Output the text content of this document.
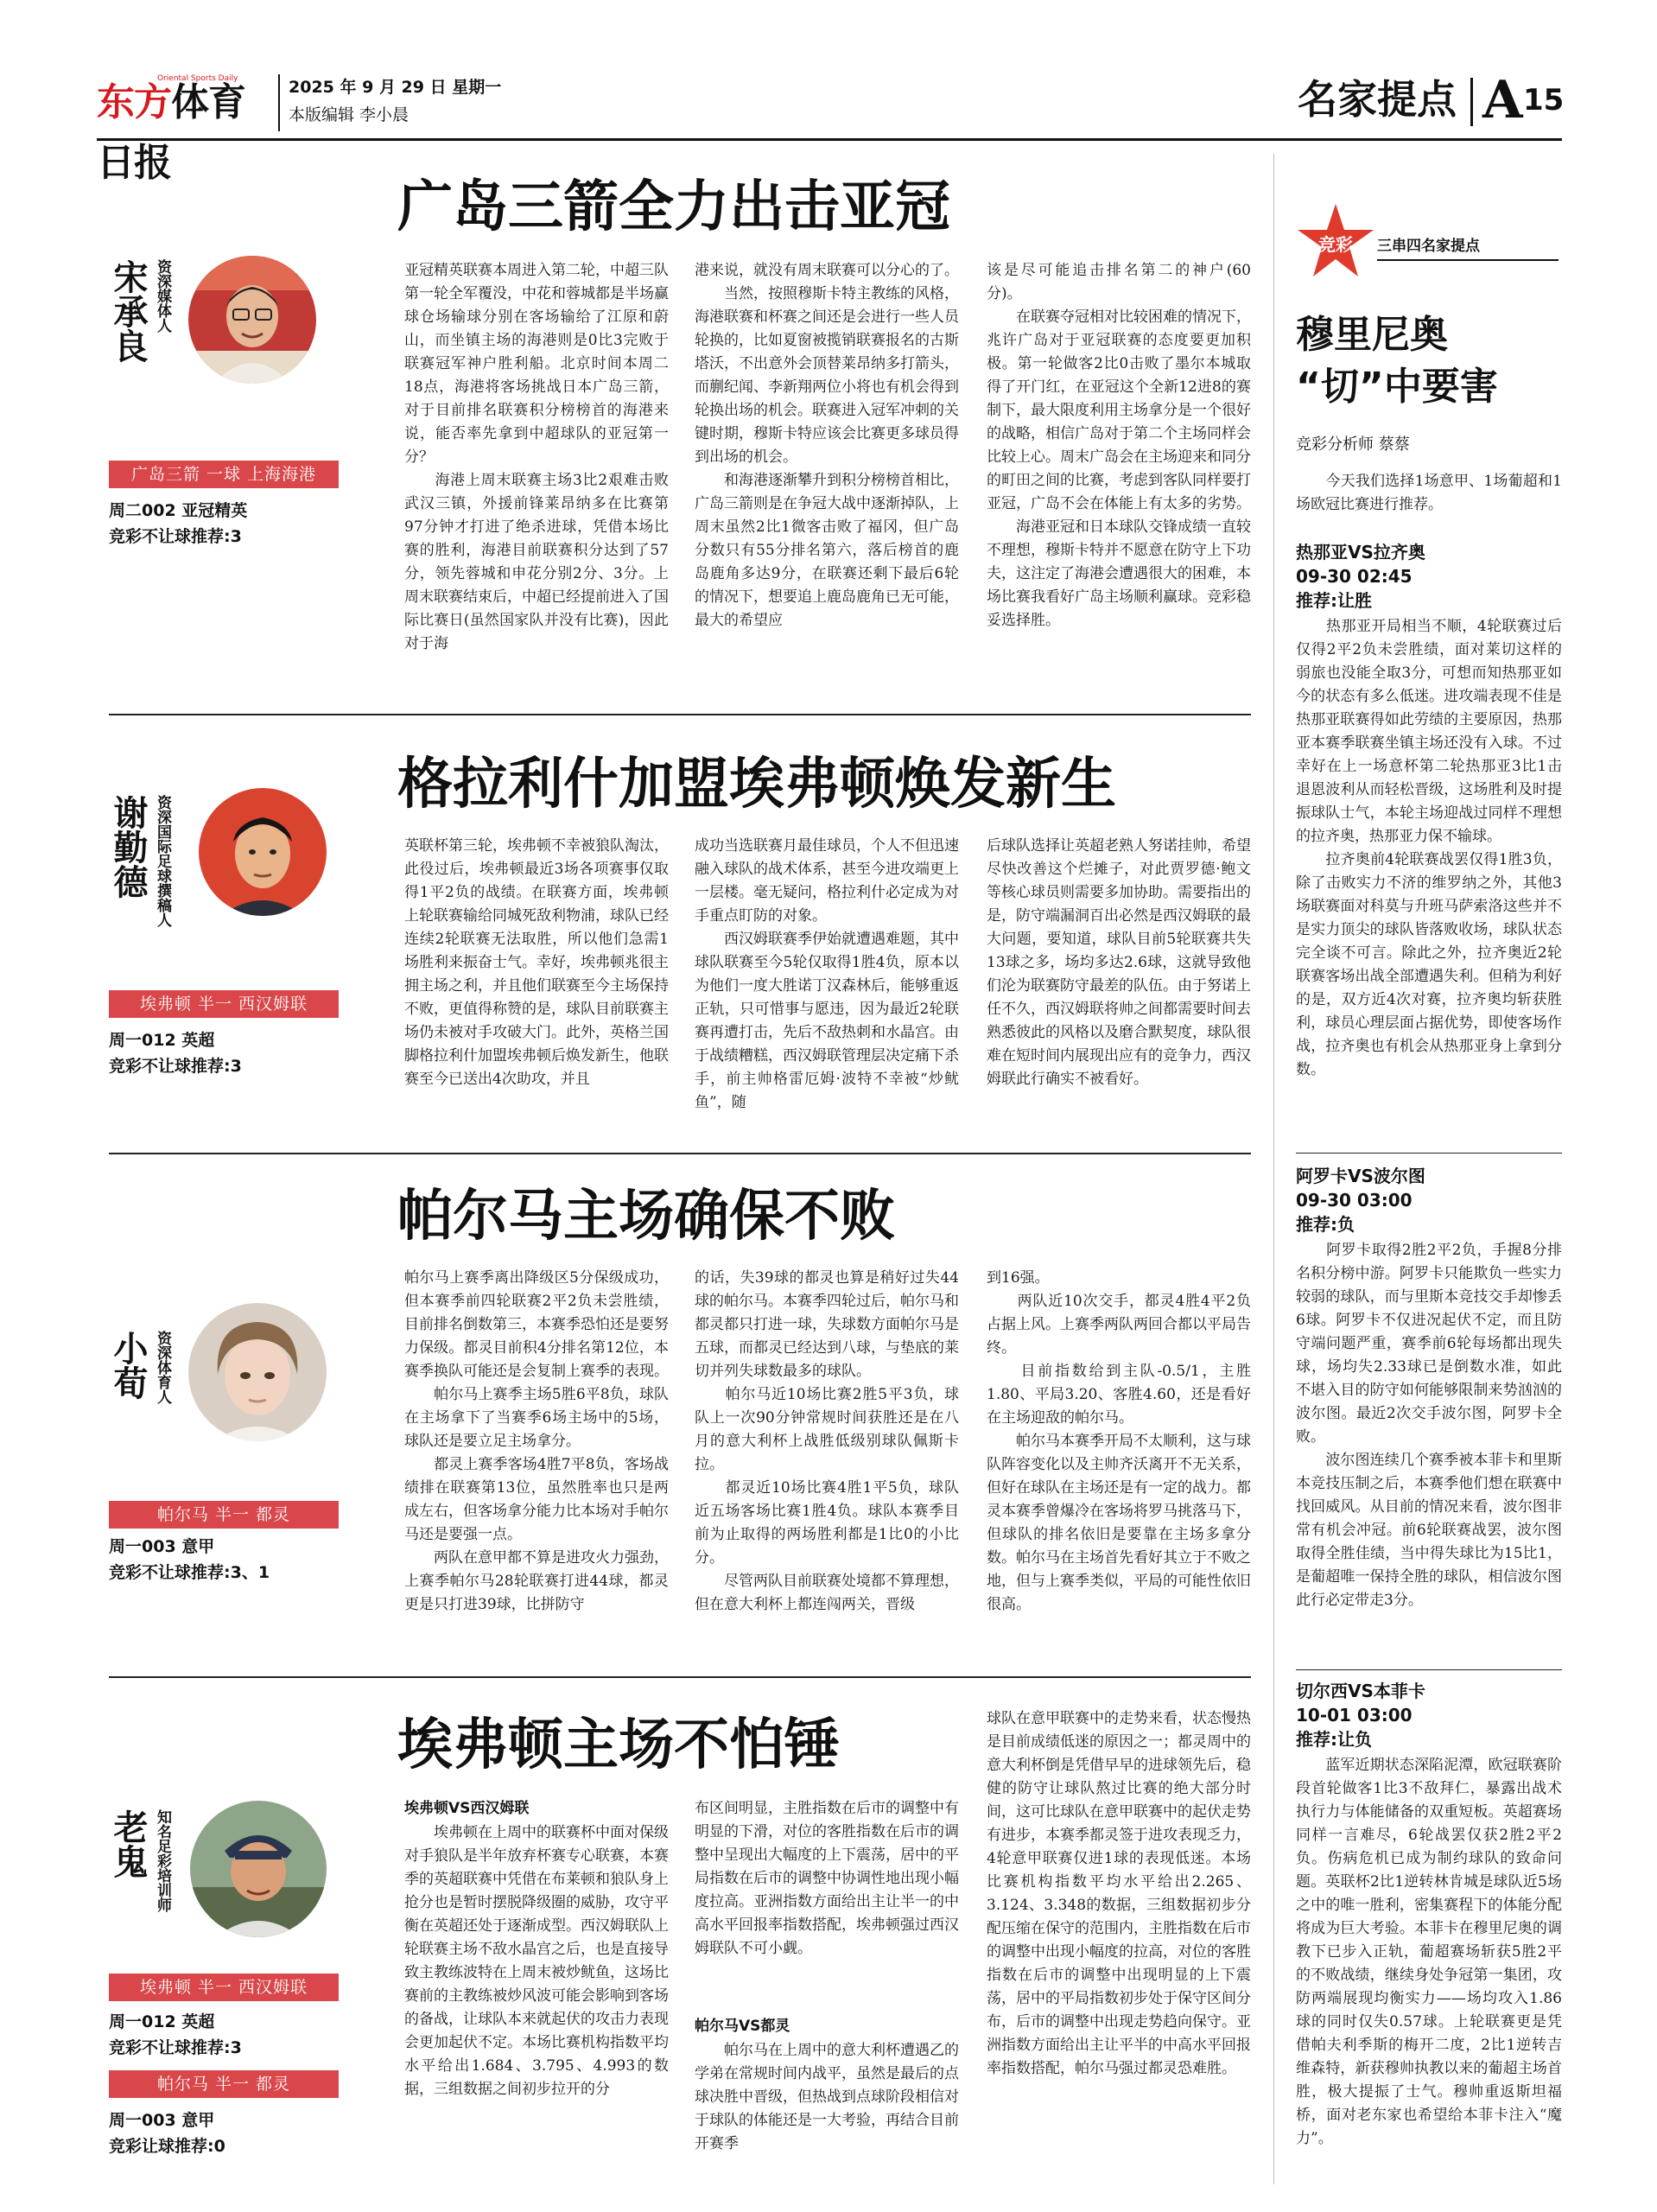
Oriental Sports Daily
东方体育日报
2025 年 9 月 29 日 星期一
本版编辑 李小晨	名家提点 A 15
广岛三箭全力出击亚冠
宋承良 资深媒体人
广岛三箭 一球 上海海港
周二002 亚冠精英
竞彩不让球推荐:3
亚冠精英联赛本周进入第二轮，中超三队第一轮全军覆没，中花和蓉城都是半场赢球仓场输球分别在客场输给了江原和蔚山，而坐镇主场的海港则是0比3完败于联赛冠军神户胜利船。北京时间本周二18点，海港将客场挑战日本广岛三箭，对于目前排名联赛积分榜榜首的海港来说，能否率先拿到中超球队的亚冠第一分？
　　海港上周末联赛主场3比2艰难击败武汉三镇，外援前锋莱昂纳多在比赛第97分钟才打进了绝杀进球，凭借本场比赛的胜利，海港目前联赛积分达到了57分，领先蓉城和申花分别2分、3分。上周末联赛结束后，中超已经提前进入了国际比赛日(虽然国家队并没有比赛)，因此对于海
港来说，就没有周末联赛可以分心的了。
　　当然，按照穆斯卡特主教练的风格，海港联赛和杯赛之间还是会进行一些人员轮换的，比如夏窗被揽销联赛报名的古斯塔沃，不出意外会顶替莱昂纳多打箭头，而蒯纪闻、李新翔两位小将也有机会得到轮换出场的机会。联赛进入冠军冲刺的关键时期，穆斯卡特应该会比赛更多球员得到出场的机会。
　　和海港逐渐攀升到积分榜榜首相比，广岛三箭则是在争冠大战中逐渐掉队，上周末虽然2比1微客击败了福冈，但广岛分数只有55分排名第六，落后榜首的鹿岛鹿角多达9分，在联赛还剩下最后6轮的情况下，想要追上鹿岛鹿角已无可能，最大的希望应
该是尽可能追击排名第二的神户(60分)。
　　在联赛夺冠相对比较困难的情况下，兆许广岛对于亚冠联赛的态度要更加积极。第一轮做客2比0击败了墨尔本城取得了开门红，在亚冠这个全新12进8的赛制下，最大限度利用主场拿分是一个很好的战略，相信广岛对于第二个主场同样会比较上心。周末广岛会在主场迎来和同分的町田之间的比赛，考虑到客队同样要打亚冠，广岛不会在体能上有太多的劣势。
　　海港亚冠和日本球队交锋成绩一直较不理想，穆斯卡特并不愿意在防守上下功夫，这注定了海港会遭遇很大的困难，本场比赛我看好广岛主场顺利赢球。竞彩稳妥选择胜。
格拉利什加盟埃弗顿焕发新生
谢勤德 资深国际足球撰稿人
埃弗顿 半一 西汉姆联
周一012 英超
竞彩不让球推荐:3
英联杯第三轮，埃弗顿不幸被狼队淘汰，此役过后，埃弗顿最近3场各项赛事仅取得1平2负的战绩。在联赛方面，埃弗顿上轮联赛输给同城死敌利物浦，球队已经连续2轮联赛无法取胜，所以他们急需1场胜利来振奋士气。幸好，埃弗顿兆很主拥主场之利，并且他们联赛至今主场保持不败，更值得称赞的是，球队目前联赛主场仍未被对手攻破大门。此外，英格兰国脚格拉利什加盟埃弗顿后焕发新生，他联赛至今已送出4次助攻，并且
成功当选联赛月最佳球员，个人不但迅速融入球队的战术体系，甚至今进攻端更上一层楼。毫无疑问，格拉利什必定成为对手重点盯防的对象。
　　西汉姆联赛季伊始就遭遇难题，其中球队联赛至今5轮仅取得1胜4负，原本以为他们一度大胜诺丁汉森林后，能够重返正轨，只可惜事与愿违，因为最近2轮联赛再遭打击，先后不敌热刺和水晶宫。由于战绩糟糕，西汉姆联管理层决定痛下杀手，前主帅格雷厄姆·波特不幸被“炒鱿鱼”，随
后球队选择让英超老熟人努诺挂帅，希望尽快改善这个烂摊子，对此贾罗德·鲍文等核心球员则需要多加协助。需要指出的是，防守端漏洞百出必然是西汉姆联的最大问题，要知道，球队目前5轮联赛共失13球之多，场均多达2.6球，这就导致他们沦为联赛防守最差的队伍。由于努诺上任不久，西汉姆联将帅之间都需要时间去熟悉彼此的风格以及磨合默契度，球队很难在短时间内展现出应有的竞争力，西汉姆联此行确实不被看好。
帕尔马主场确保不败
小荀 资深体育人
帕尔马 半一 都灵
周一003 意甲
竞彩不让球推荐:3、1
帕尔马上赛季离出降级区5分保级成功，但本赛季前四轮联赛2平2负未尝胜绩，目前排名倒数第三，本赛季恐怕还是要努力保级。都灵目前积4分排名第12位，本赛季换队可能还是会复制上赛季的表现。
　　帕尔马上赛季主场5胜6平8负，球队在主场拿下了当赛季6场主场中的5场，球队还是要立足主场拿分。
　　都灵上赛季客场4胜7平8负，客场战绩排在联赛第13位，虽然胜率也只是两成左右，但客场拿分能力比本场对手帕尔马还是要强一点。
　　两队在意甲都不算是进攻火力强劲，上赛季帕尔马28轮联赛打进44球，都灵更是只打进39球，比拼防守
的话，失39球的都灵也算是稍好过失44球的帕尔马。本赛季四轮过后，帕尔马和都灵都只打进一球，失球数方面帕尔马是五球，而都灵已经达到八球，与垫底的莱切并列失球数最多的球队。
　　帕尔马近10场比赛2胜5平3负，球队上一次90分钟常规时间获胜还是在八月的意大利杯上战胜低级别球队佩斯卡拉。
　　都灵近10场比赛4胜1平5负，球队近五场客场比赛1胜4负。球队本赛季目前为止取得的两场胜利都是1比0的小比分。
　　尽管两队目前联赛处境都不算理想，但在意大利杯上都连闯两关，晋级
到16强。
　　两队近10次交手，都灵4胜4平2负占据上风。上赛季两队两回合都以平局告终。
　　目前指数给到主队-0.5/1，主胜1.80、平局3.20、客胜4.60，还是看好在主场迎敌的帕尔马。
　　帕尔马本赛季开局不太顺利，这与球队阵容变化以及主帅齐沃离开不无关系，但好在球队在主场还是有一定的战力。都灵本赛季曾爆冷在客场将罗马挑落马下，但球队的排名依旧是要靠在主场多拿分数。帕尔马在主场首先看好其立于不败之地，但与上赛季类似，平局的可能性依旧很高。
埃弗顿主场不怕锤
老鬼 知名足彩培训师
埃弗顿 半一 西汉姆联
周一012 英超
竞彩不让球推荐:3
帕尔马 半一 都灵
周一003 意甲
竞彩让球推荐:0
埃弗顿VS西汉姆联
　　埃弗顿在上周中的联赛杯中面对保级对手狼队是半年放弃杯赛专心联赛，本赛季的英超联赛中凭借在布莱顿和狼队身上抢分也是暂时摆脱降级圈的威胁，攻守平衡在英超还处于逐渐成型。西汉姆联队上轮联赛主场不敌水晶宫之后，也是直接导致主教练波特在上周末被炒鱿鱼，这场比赛前的主教练被炒风波可能会影响到客场的备战，让球队本来就起伏的攻击力表现会更加起伏不定。本场比赛机构指数平均水平给出1.684、3.795、4.993的数据，三组数据之间初步拉开的分
布区间明显，主胜指数在后市的调整中有明显的下滑，对位的客胜指数在后市的调整中呈现出大幅度的上下震荡，居中的平局指数在后市的调整中协调性地出现小幅度拉高。亚洲指数方面给出主让半一的中高水平回报率指数搭配，埃弗顿强过西汉姆联队不可小觑。
帕尔马VS都灵
　　帕尔马在上周中的意大利杯遭遇乙的学弟在常规时间内战平，虽然是最后的点球决胜中晋级，但热战到点球阶段相信对于球队的体能还是一大考验，再结合目前开赛季
球队在意甲联赛中的走势来看，状态慢热是目前成绩低迷的原因之一；都灵周中的意大利杯倒是凭借早早的进球领先后，稳健的防守让球队熬过比赛的绝大部分时间，这可比球队在意甲联赛中的起伏走势有进步，本赛季都灵签于进攻表现乏力，4轮意甲联赛仅进1球的表现低迷。本场比赛机构指数平均水平给出2.265、3.124、3.348的数据，三组数据初步分配压缩在保守的范围内，主胜指数在后市的调整中出现小幅度的拉高，对位的客胜指数在后市的调整中出现明显的上下震荡，居中的平局指数初步处于保守区间分布，后市的调整中出现走势趋向保守。亚洲指数方面给出主让平半的中高水平回报率指数搭配，帕尔马强过都灵恐难胜。
竞彩 三串四名家提点
穆里尼奥
“切”中要害
竞彩分析师 蔡蔡
　　今天我们选择1场意甲、1场葡超和1场欧冠比赛进行推荐。
热那亚VS拉齐奥
09-30 02:45
推荐:让胜
　　热那亚开局相当不顺，4轮联赛过后仅得2平2负未尝胜绩，面对莱切这样的弱旅也没能全取3分，可想而知热那亚如今的状态有多么低迷。进攻端表现不佳是热那亚联赛得如此劳绩的主要原因，热那亚本赛季联赛坐镇主场还没有入球。不过幸好在上一场意杯第二轮热那亚3比1击退恩波利从而轻松晋级，这场胜利及时提振球队士气，本轮主场迎战过同样不理想的拉齐奥，热那亚力保不输球。
　　拉齐奥前4轮联赛战罢仅得1胜3负，除了击败实力不济的维罗纳之外，其他3场联赛面对科莫与升班马萨索洛这些并不是实力顶尖的球队皆落败收场，球队状态完全谈不可言。除此之外，拉齐奥近2轮联赛客场出战全部遭遇失利。但稍为利好的是，双方近4次对赛，拉齐奥均斩获胜利，球员心理层面占据优势，即使客场作战，拉齐奥也有机会从热那亚身上拿到分数。
阿罗卡VS波尔图
09-30 03:00
推荐:负
　　阿罗卡取得2胜2平2负，手握8分排名积分榜中游。阿罗卡只能欺负一些实力较弱的球队，而与里斯本竞技交手却惨丢6球。阿罗卡不仅进况起伏不定，而且防守端问题严重，赛季前6轮每场都出现失球，场均失2.33球已是倒数水准，如此不堪入目的防守如何能够限制来势汹汹的波尔图。最近2次交手波尔图，阿罗卡全败。
　　波尔图连续几个赛季被本菲卡和里斯本竞技压制之后，本赛季他们想在联赛中找回威风。从目前的情况来看，波尔图非常有机会冲冠。前6轮联赛战罢，波尔图取得全胜佳绩，当中得失球比为15比1，是葡超唯一保持全胜的球队，相信波尔图此行必定带走3分。
切尔西VS本菲卡
10-01 03:00
推荐:让负
　　蓝军近期状态深陷泥潭，欧冠联赛阶段首轮做客1比3不敌拜仁，暴露出战术执行力与体能储备的双重短板。英超赛场同样一言难尽，6轮战罢仅获2胜2平2负。伤病危机已成为制约球队的致命问题。英联杯2比1逆转林肯城是球队近5场之中的唯一胜利，密集赛程下的体能分配将成为巨大考验。本菲卡在穆里尼奥的调教下已步入正轨，葡超赛场斩获5胜2平的不败战绩，继续身处争冠第一集团，攻防两端展现均衡实力——场均攻入1.86球的同时仅失0.57球。上轮联赛更是凭借帕夫利季斯的梅开二度，2比1逆转吉维森特，新获穆帅执教以来的葡超主场首胜，极大提振了士气。穆帅重返斯坦福桥，面对老东家也希望给本菲卡注入“魔力”。
